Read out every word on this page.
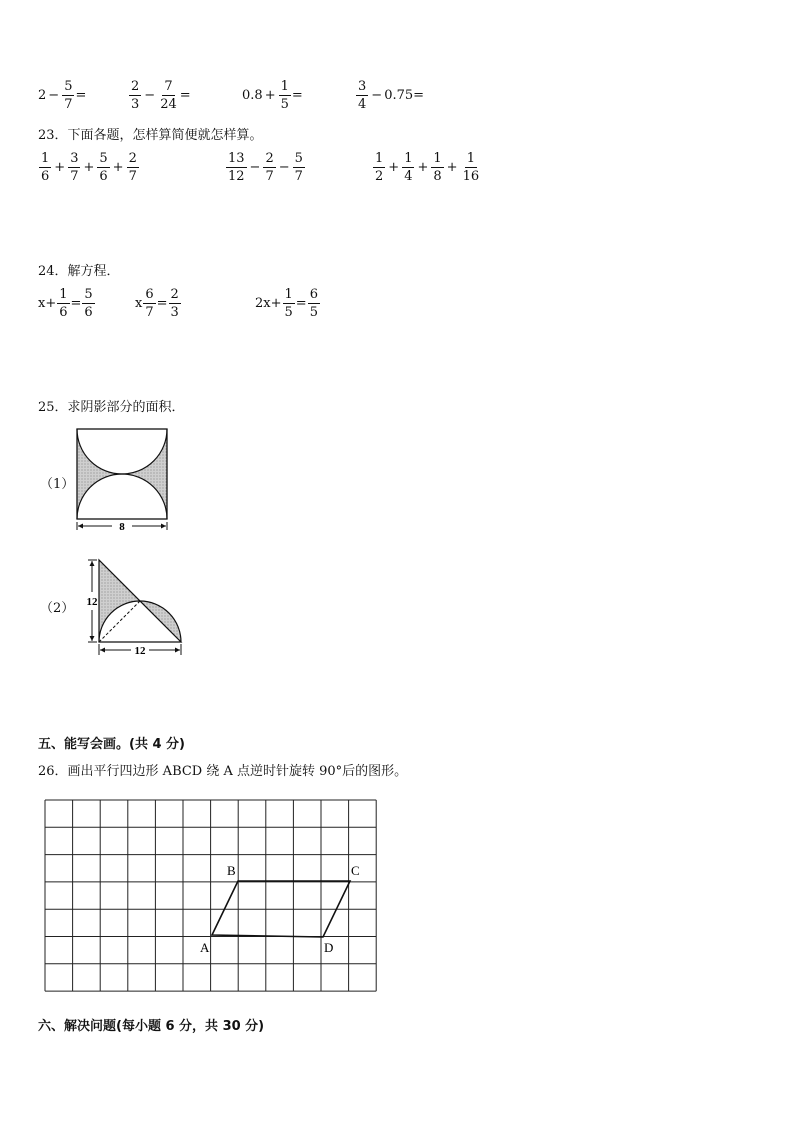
$2 - \frac{5}{7}$ =	$\frac{2}{3} - \frac{7}{24}$ =	$0.8 + \frac{1}{5}$ =	$\frac{3}{4} - 0.75$ =
23．下面各题，怎样算简便就怎样算。
$\frac{1}{6} + \frac{3}{7} + \frac{5}{6} + \frac{2}{7}$	$\frac{13}{12} - \frac{2}{7} - \frac{5}{7}$	$\frac{1}{2} + \frac{1}{4} + \frac{1}{8} + \frac{1}{16}$
24．解方程．
$x+ \frac{1}{6} = \frac{5}{6}$	x $\frac{6}{7} = \frac{2}{3}$	$2x+ \frac{1}{5} = \frac{6}{5}$
25．求阴影部分的面积．
（1）
8
（2） 12
12
五、能写会画。(共 4 分)
26．画出平行四边形 ABCD 绕 A 点逆时针旋转 90°后的图形。
A
B	C
D
六、解决问题(每小题 6 分，共 30 分)
